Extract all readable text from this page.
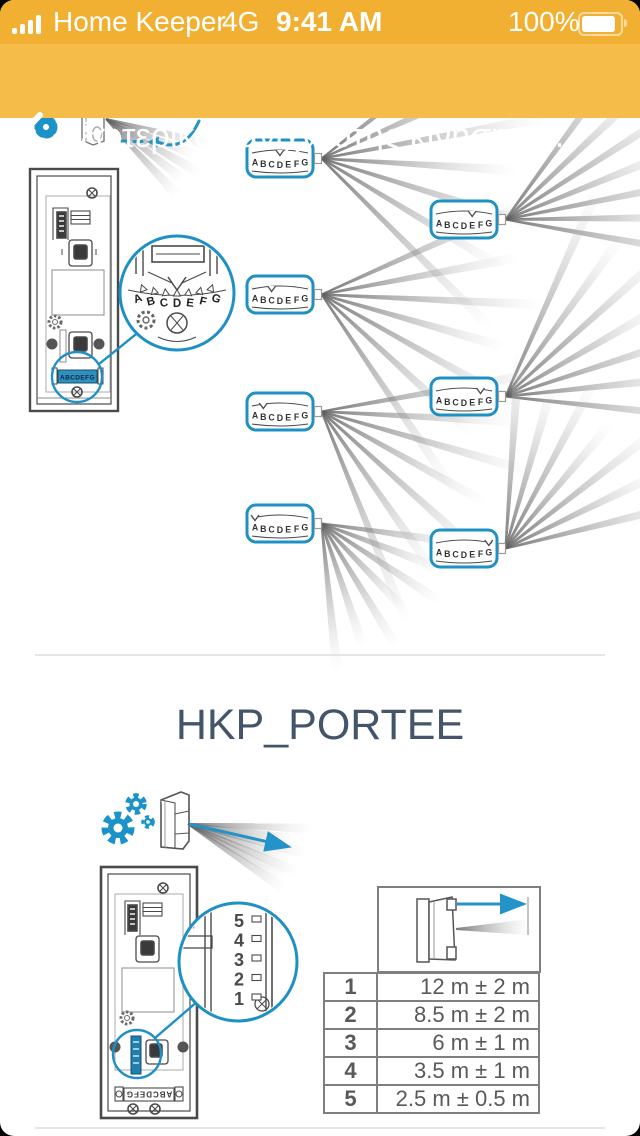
ABCDEFG
A B C D E F G
ABCDEFG
5
4
3
2
1
A B C D E F G
A B C D E F G
A B C D E F G
A B C D E F G
A B C D E F G
A B C D E F G
A B C D E F G
HKP_PORTEE
1	12 m ± 2 m
2	8.5 m ± 2 m
3	6 m ± 1 m
4	3.5 m ± 1 m
5	2.5 m ± 0.5 m
Home Keeper
4G 9:41 AM	100%
Εξωτερικός ανιχνευτής κίνησης,...
